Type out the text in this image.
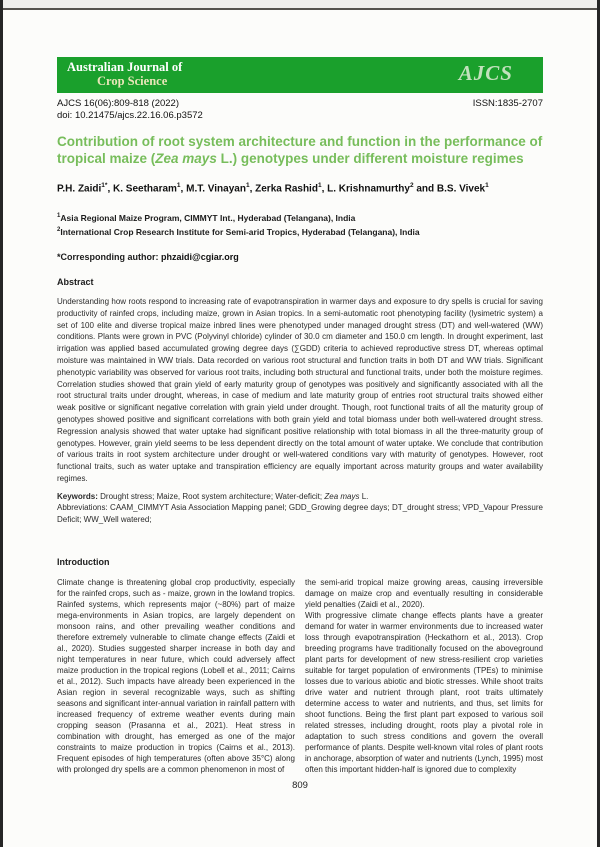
Australian Journal of
Crop Science	AJCS
AJCS 16(06):809-818 (2022)
doi: 10.21475/ajcs.22.16.06.p3572
ISSN:1835-2707
Contribution of root system architecture and function in the performance of tropical maize (Zea mays L.) genotypes under different moisture regimes
P.H. Zaidi$^{1*}$, K. Seetharam$^1$, M.T. Vinayan$^1$, Zerka Rashid$^1$, L. Krishnamurthy$^2$ and B.S. Vivek$^1$
$^1$Asia Regional Maize Program, CIMMYT Int., Hyderabad (Telangana), India
$^2$International Crop Research Institute for Semi-arid Tropics, Hyderabad (Telangana), India
*Corresponding author: phzaidi@cgiar.org
Abstract
Understanding how roots respond to increasing rate of evapotranspiration in warmer days and exposure to dry spells is crucial for saving productivity of rainfed crops, including maize, grown in Asian tropics. In a semi-automatic root phenotyping facility (lysimetric system) a set of 100 elite and diverse tropical maize inbred lines were phenotyped under managed drought stress (DT) and well-watered (WW) conditions. Plants were grown in PVC (Polyvinyl chloride) cylinder of 30.0 cm diameter and 150.0 cm length. In drought experiment, last irrigation was applied based accumulated growing degree days (∑GDD) criteria to achieved reproductive stress DT, whereas optimal moisture was maintained in WW trials. Data recorded on various root structural and function traits in both DT and WW trials. Significant phenotypic variability was observed for various root traits, including both structural and functional traits, under both the moisture regimes. Correlation studies showed that grain yield of early maturity group of genotypes was positively and significantly associated with all the root structural traits under drought, whereas, in case of medium and late maturity group of entries root structural traits showed either weak positive or significant negative correlation with grain yield under drought. Though, root functional traits of all the maturity group of genotypes showed positive and significant correlations with both grain yield and total biomass under both well-watered drought stress. Regression analysis showed that water uptake had significant positive relationship with total biomass in all the three-maturity group of genotypes. However, grain yield seems to be less dependent directly on the total amount of water uptake. We conclude that contribution of various traits in root system architecture under drought or well-watered conditions vary with maturity of genotypes. However, root functional traits, such as water uptake and transpiration efficiency are equally important across maturity groups and water availability regimes.
Keywords: Drought stress; Maize, Root system architecture; Water-deficit; Zea mays L.
Abbreviations: CAAM_CIMMYT Asia Association Mapping panel; GDD_Growing degree days; DT_drought stress; VPD_Vapour Pressure Deficit; WW_Well watered;
Introduction

Climate change is threatening global crop productivity, especially for the rainfed crops, such as - maize, grown in the lowland tropics. Rainfed systems, which represents major (~80%) part of maize mega-environments in Asian tropics, are largely dependent on monsoon rains, and other prevailing weather conditions and therefore extremely vulnerable to climate change effects (Zaidi et al., 2020). Studies suggested sharper increase in both day and night temperatures in near future, which could adversely affect maize production in the tropical regions (Lobell et al., 2011; Cairns et al., 2012). Such impacts have already been experienced in the Asian region in several recognizable ways, such as shifting seasons and significant inter-annual variation in rainfall pattern with increased frequency of extreme weather events during main cropping season (Prasanna et al., 2021). Heat stress in combination with drought, has emerged as one of the major constraints to maize production in tropics (Cairns et al., 2013). Frequent episodes of high temperatures (often above 35°C) along with prolonged dry spells are a common phenomenon in most of

the semi-arid tropical maize growing areas, causing irreversible damage on maize crop and eventually resulting in considerable yield penalties (Zaidi et al., 2020).

With progressive climate change effects plants have a greater demand for water in warmer environments due to increased water loss through evapotranspiration (Heckathorn et al., 2013). Crop breeding programs have traditionally focused on the aboveground plant parts for development of new stress-resilient crop varieties suitable for target population of environments (TPEs) to minimise losses due to various abiotic and biotic stresses. While shoot traits drive water and nutrient through plant, root traits ultimately determine access to water and nutrients, and thus, set limits for shoot functions. Being the first plant part exposed to various soil related stresses, including drought, roots play a pivotal role in adaptation to such stress conditions and govern the overall performance of plants. Despite well-known vital roles of plant roots in anchorage, absorption of water and nutrients (Lynch, 1995) most often this important hidden-half is ignored due to complexity

809
